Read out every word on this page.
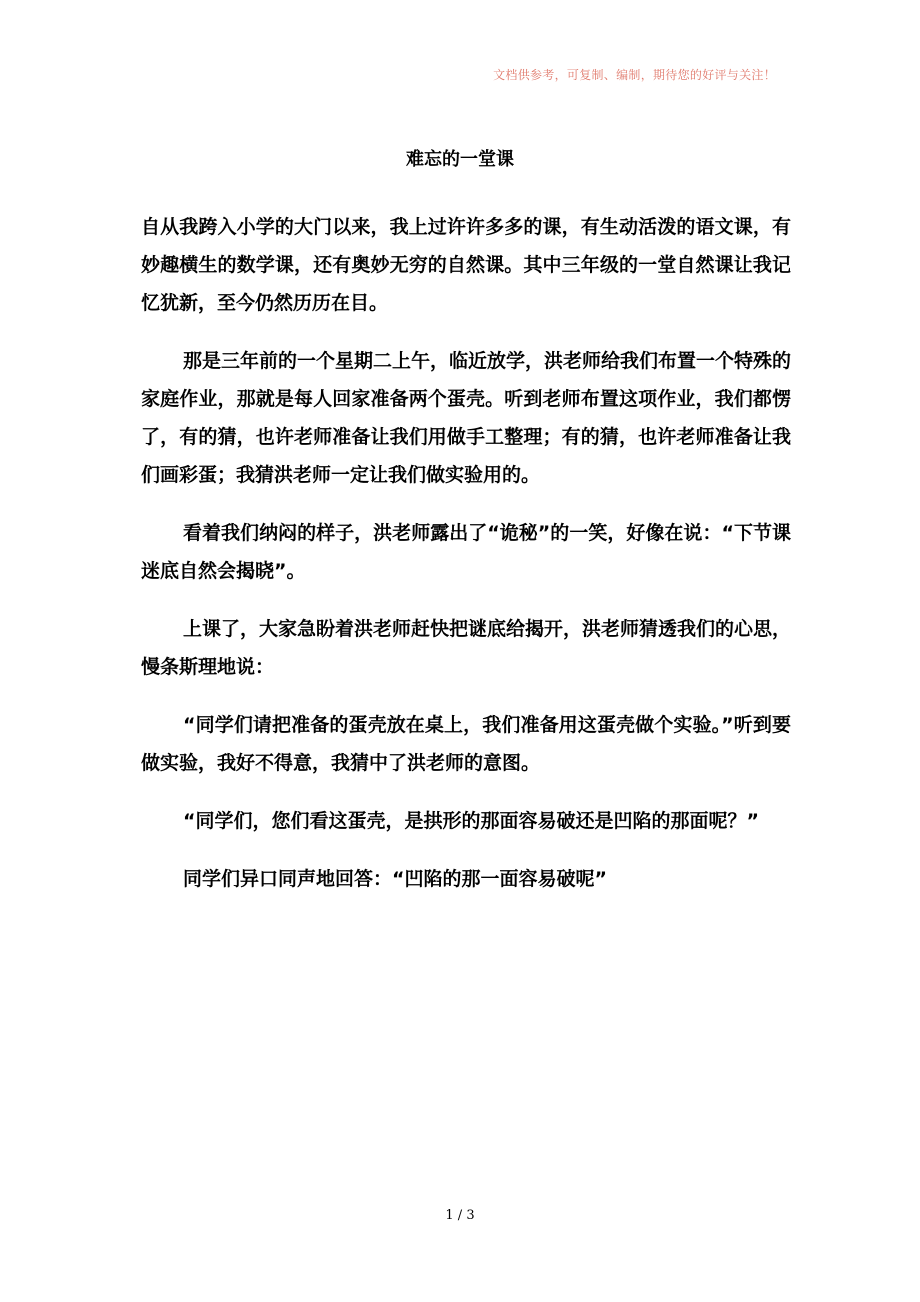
文档供参考，可复制、编制，期待您的好评与关注！
难忘的一堂课

自从我跨入小学的大门以来，我上过许许多多的课，有生动活泼的语文课，有妙趣横生的数学课，还有奥妙无穷的自然课。其中三年级的一堂自然课让我记忆犹新，至今仍然历历在目。

那是三年前的一个星期二上午，临近放学，洪老师给我们布置一个特殊的家庭作业，那就是每人回家准备两个蛋壳。听到老师布置这项作业，我们都愣了，有的猜，也许老师准备让我们用做手工整理；有的猜，也许老师准备让我们画彩蛋；我猜洪老师一定让我们做实验用的。

看着我们纳闷的样子，洪老师露出了“诡秘”的一笑，好像在说：“下节课迷底自然会揭晓”。

上课了，大家急盼着洪老师赶快把谜底给揭开，洪老师猜透我们的心思，慢条斯理地说：

“同学们请把准备的蛋壳放在桌上，我们准备用这蛋壳做个实验。”听到要做实验，我好不得意，我猜中了洪老师的意图。

“同学们，您们看这蛋壳，是拱形的那面容易破还是凹陷的那面呢？”

同学们异口同声地回答：“凹陷的那一面容易破呢”

1 / 3
